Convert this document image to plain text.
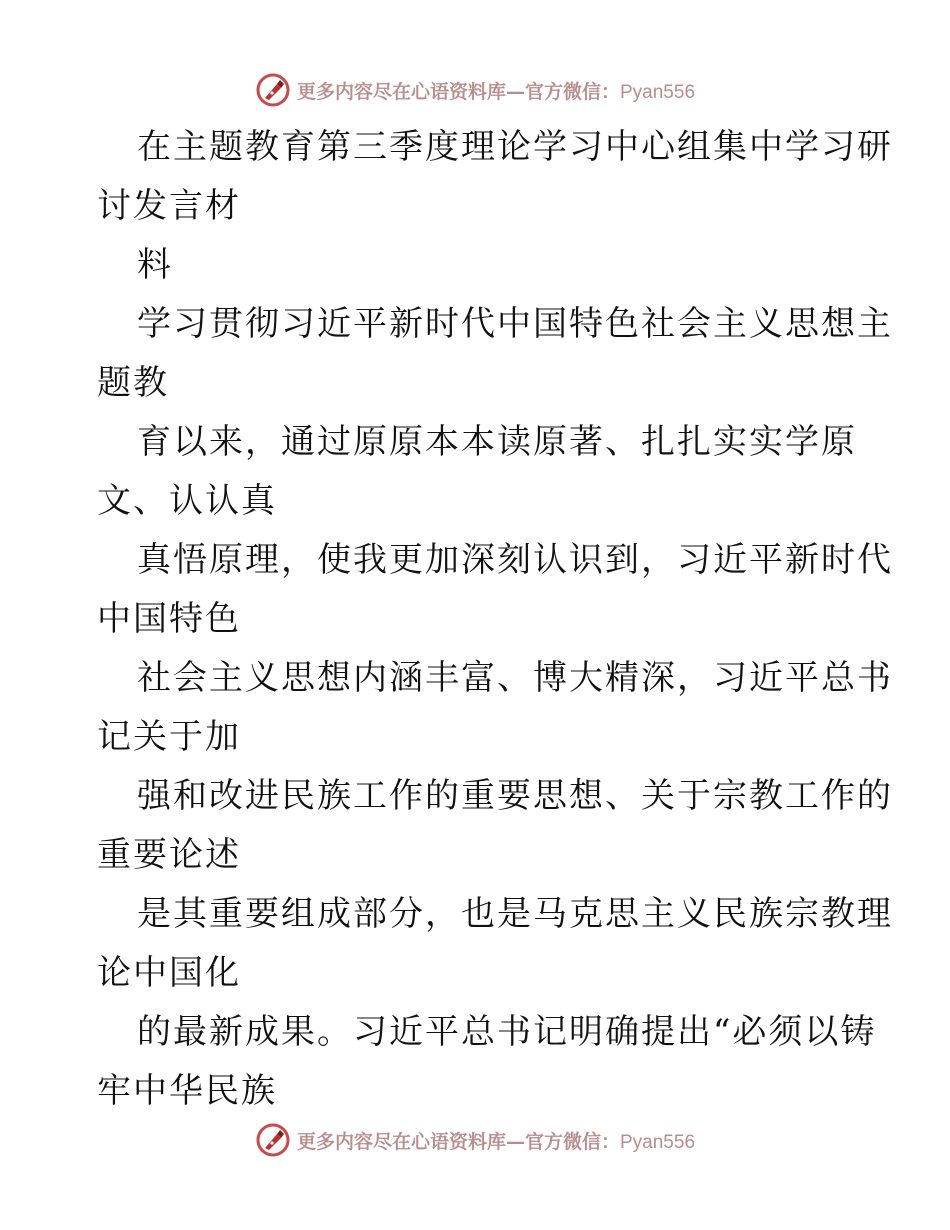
更多内容尽在心语资料库—官方微信：Pyan556
在主题教育第三季度理论学习中心组集中学习研
讨发言材
料
学习贯彻习近平新时代中国特色社会主义思想主
题教
育以来，通过原原本本读原著、扎扎实实学原
文、认认真
真悟原理，使我更加深刻认识到，习近平新时代
中国特色
社会主义思想内涵丰富、博大精深，习近平总书
记关于加
强和改进民族工作的重要思想、关于宗教工作的
重要论述
是其重要组成部分，也是马克思主义民族宗教理
论中国化
的最新成果。习近平总书记明确提出“必须以铸
牢中华民族
更多内容尽在心语资料库—官方微信：Pyan556
